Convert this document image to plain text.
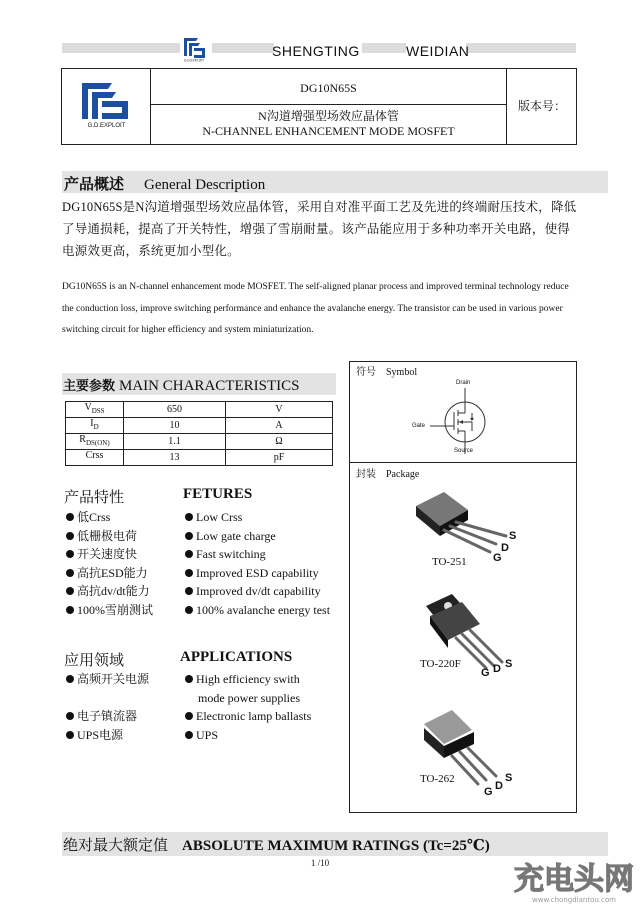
G.D.EXPLOIT
SHENGTING	WEIDIAN
G.D.EXPLOIT
DG10N65S
N沟道增强型场效应晶体管
N-CHANNEL ENHANCEMENT MODE MOSFET
版本号：
产品概述 General Description
DG10N65S是N沟道增强型场效应晶体管，采用自对准平面工艺及先进的终端耐压技术，降低了导通损耗，提高了开关特性，增强了雪崩耐量。该产品能应用于多种功率开关电路，使得电源效更高，系统更加小型化。
DG10N65S is an N-channel enhancement mode MOSFET. The self-aligned planar process and improved terminal technology reduce the conduction loss, improve switching performance and enhance the avalanche energy. The transistor can be used in various power switching circuit for higher efficiency and system miniaturization.
主要参数 MAIN CHARACTERISTICS
$V_{DSS}$	650	V
$I_D$	10	A
$R_{DS(ON)}$	1.1	Ω
Crss	13	pF
产品特性	FETURES
低Crss
低栅极电荷
开关速度快
高抗ESD能力
高抗dv/dt能力
100%雪崩测试
Low Crss
Low gate charge
Fast switching
Improved ESD capability
Improved dv/dt capability
100% avalanche energy test
应用领域	APPLICATIONS
高频开关电源
电子镇流器
UPS电源
High efficiency swith
mode power supplies
Electronic lamp ballasts
UPS
符号 Symbol
Drain
Gate
Source
封装 Package
S
D
G
TO-251
S
D
G
TO-220F
S
D
G
TO-262
绝对最大额定值 ABSOLUTE MAXIMUM RATINGS (Tc=25℃)
1 /10	充电头网
www.chongdiantou.com
